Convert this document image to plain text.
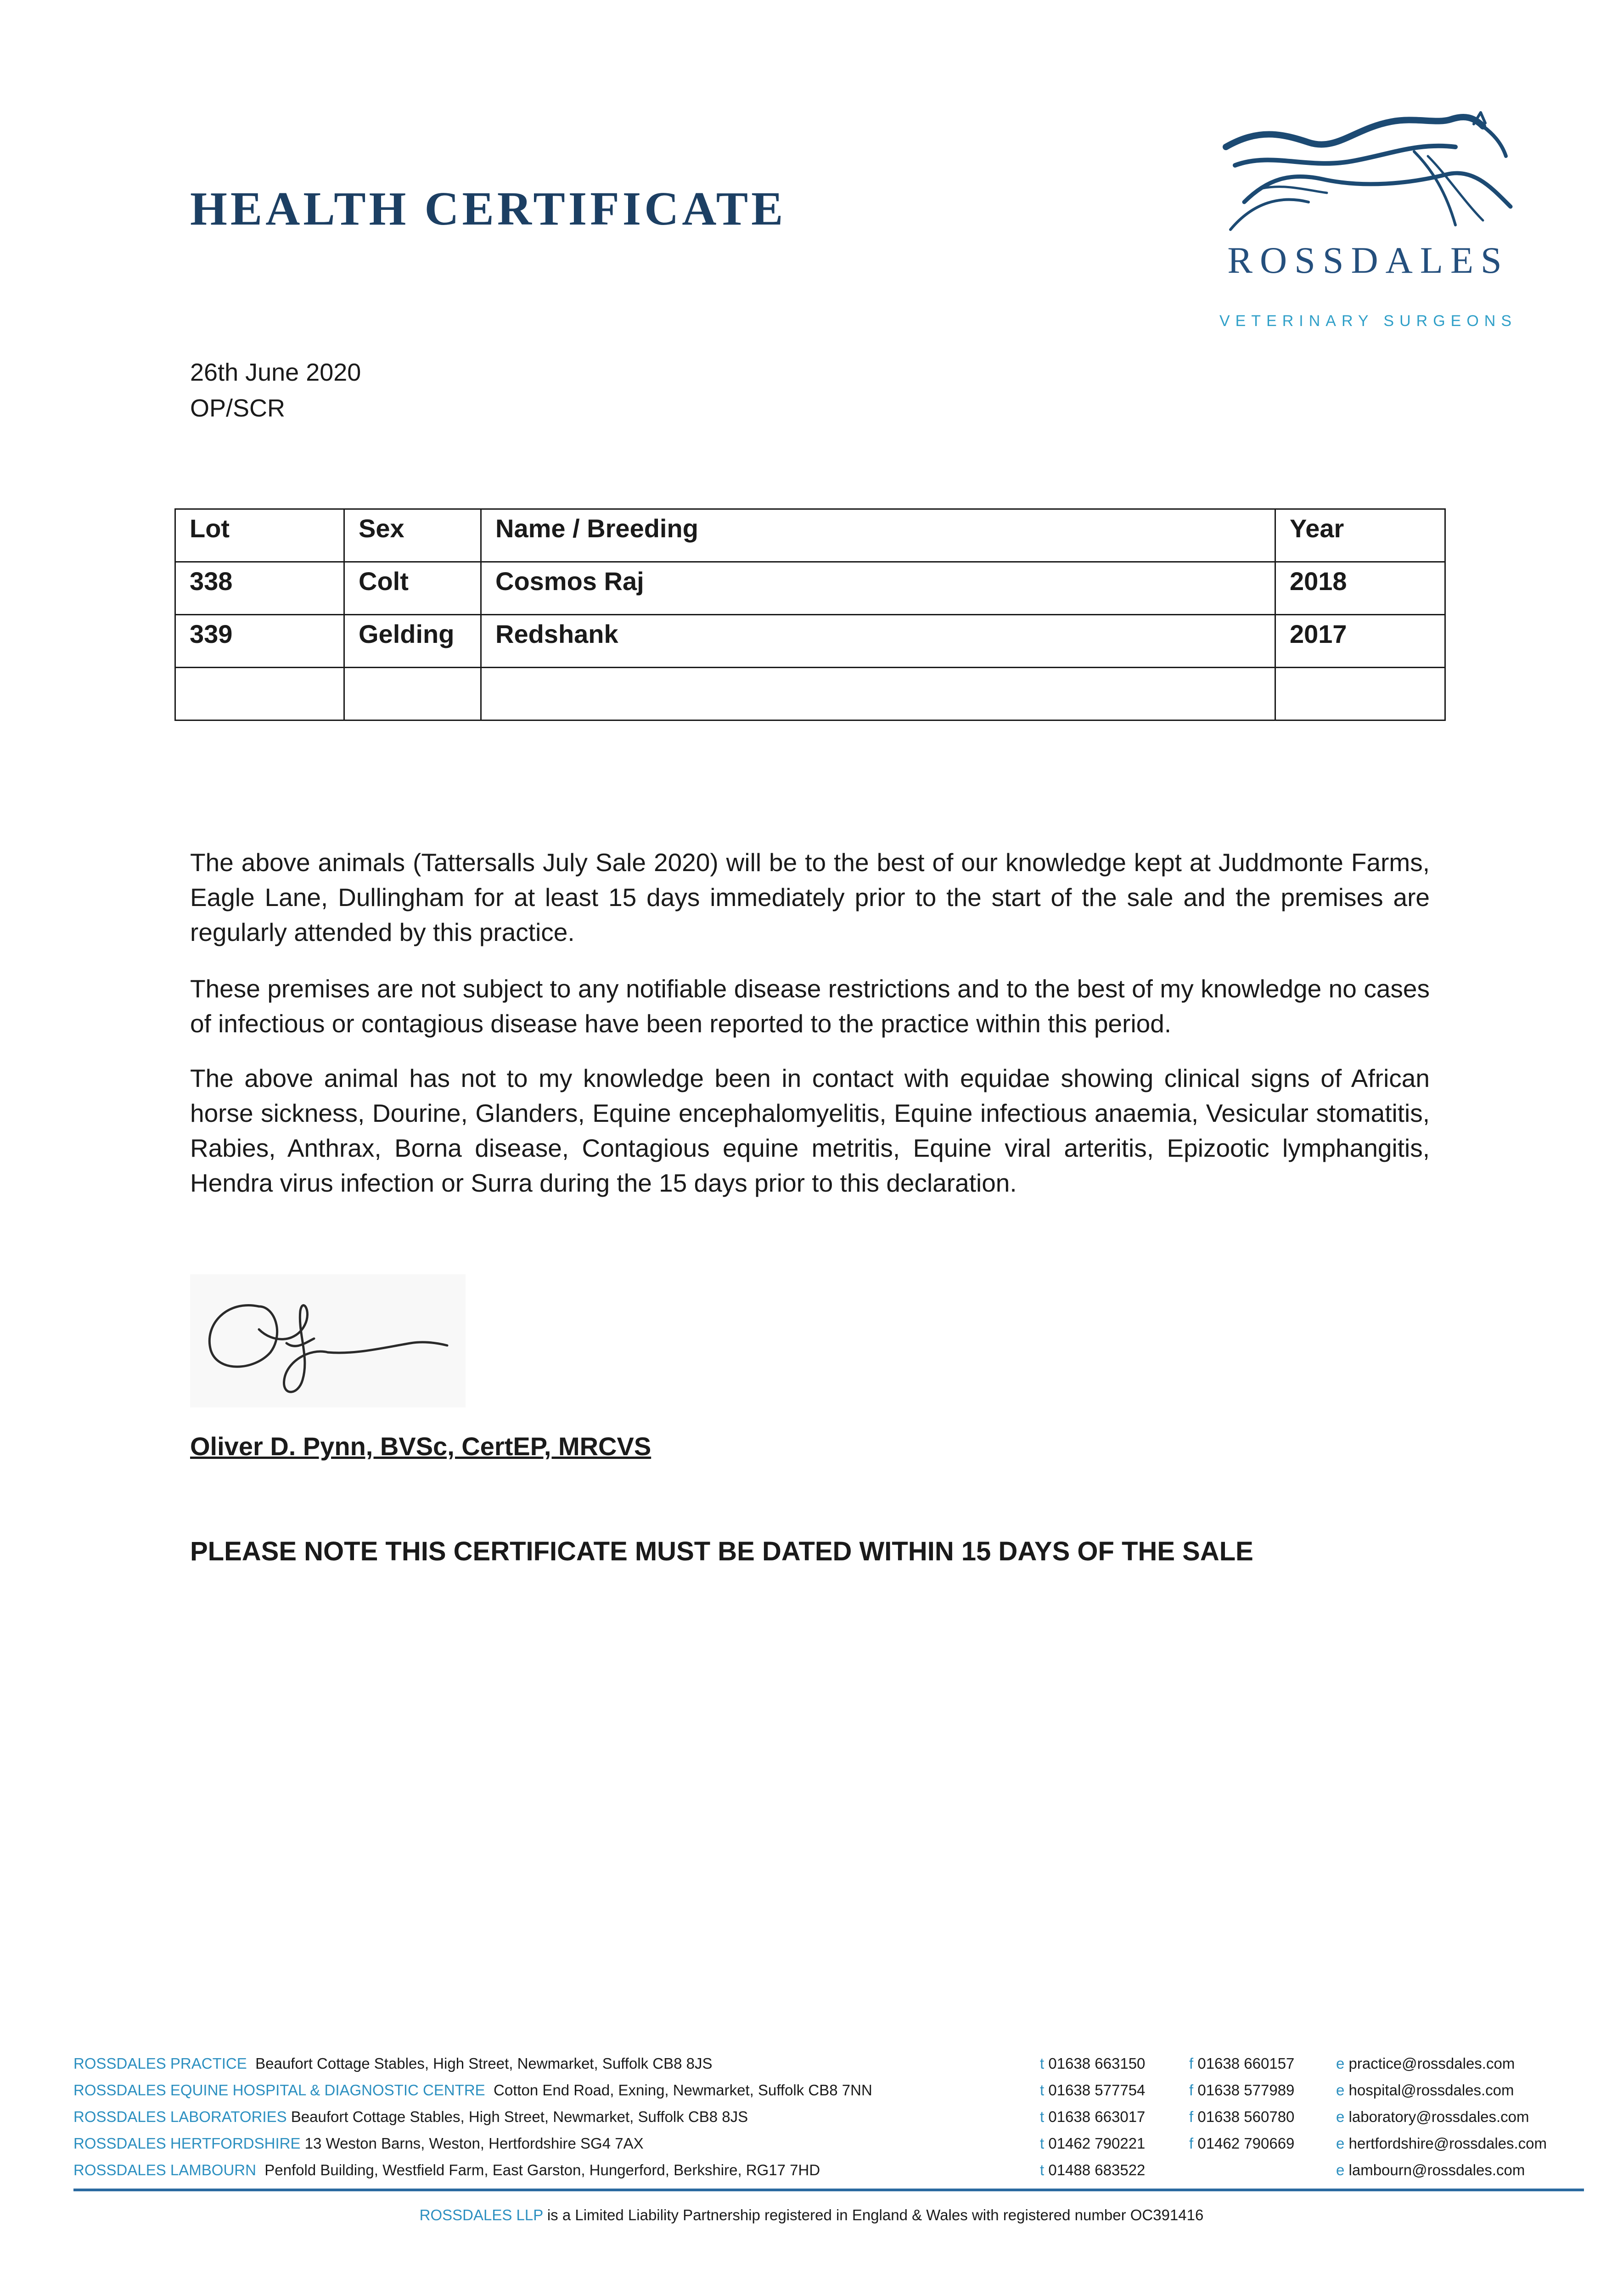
HEALTH CERTIFICATE
ROSSDALES
VETERINARY SURGEONS
26th June 2020
OP/SCR
Lot	Sex	Name / Breeding	Year
338	Colt	Cosmos Raj	2018
339	Gelding	Redshank	2017

The above animals (Tattersalls July Sale 2020) will be to the best of our knowledge kept at Juddmonte Farms, Eagle Lane, Dullingham for at least 15 days immediately prior to the start of the sale and the premises are regularly attended by this practice.

These premises are not subject to any notifiable disease restrictions and to the best of my knowledge no cases of infectious or contagious disease have been reported to the practice within this period.

The above animal has not to my knowledge been in contact with equidae showing clinical signs of African horse sickness, Dourine, Glanders, Equine encephalomyelitis, Equine infectious anaemia, Vesicular stomatitis, Rabies, Anthrax, Borna disease, Contagious equine metritis, Equine viral arteritis, Epizootic lymphangitis, Hendra virus infection or Surra during the 15 days prior to this declaration.

Oliver D. Pynn, BVSc, CertEP, MRCVS
PLEASE NOTE THIS CERTIFICATE MUST BE DATED WITHIN 15 DAYS OF THE SALE
ROSSDALES PRACTICE Beaufort Cottage Stables, High Street, Newmarket, Suffolk CB8 8JS	t 01638 663150	f 01638 660157	e practice@rossdales.com
ROSSDALES EQUINE HOSPITAL & DIAGNOSTIC CENTRE Cotton End Road, Exning, Newmarket, Suffolk CB8 7NN	t 01638 577754	f 01638 577989	e hospital@rossdales.com
ROSSDALES LABORATORIES Beaufort Cottage Stables, High Street, Newmarket, Suffolk CB8 8JS	t 01638 663017	f 01638 560780	e laboratory@rossdales.com
ROSSDALES HERTFORDSHIRE 13 Weston Barns, Weston, Hertfordshire SG4 7AX	t 01462 790221	f 01462 790669	e hertfordshire@rossdales.com
ROSSDALES LAMBOURN Penfold Building, Westfield Farm, East Garston, Hungerford, Berkshire, RG17 7HD	t 01488 683522	e lambourn@rossdales.com
ROSSDALES LLP is a Limited Liability Partnership registered in England & Wales with registered number OC391416
